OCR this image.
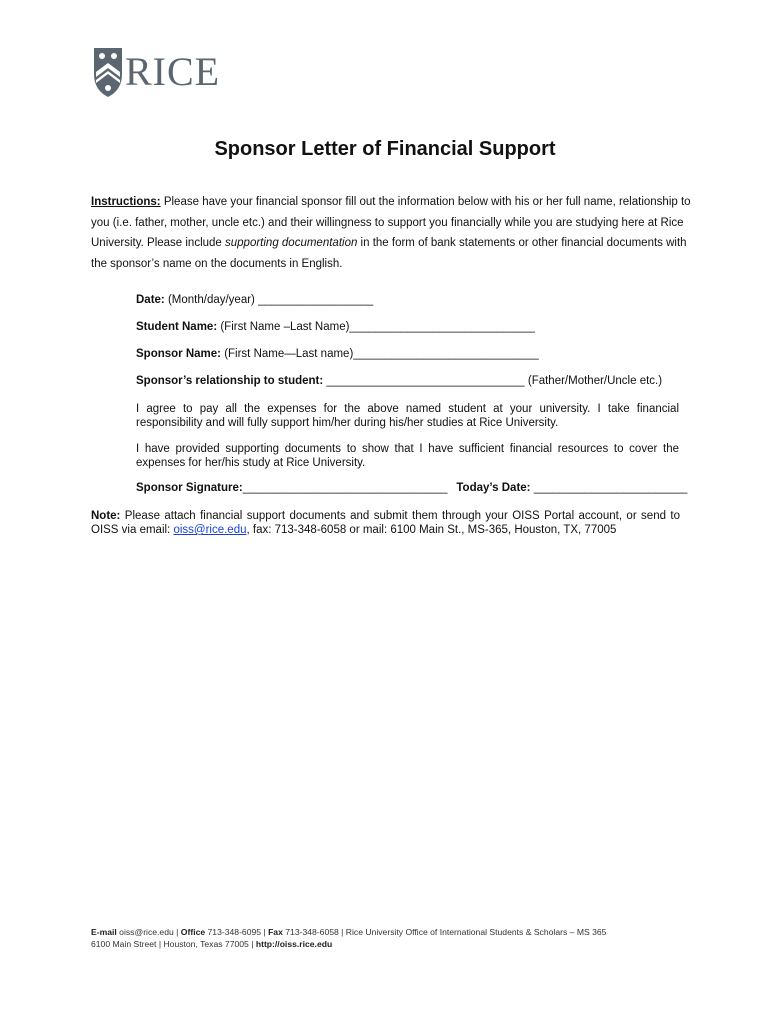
RICE
Sponsor Letter of Financial Support

Instructions: Please have your financial sponsor fill out the information below with his or her full name, relationship to you (i.e. father, mother, uncle etc.) and their willingness to support you financially while you are studying here at Rice University. Please include supporting documentation in the form of bank statements or other financial documents with the sponsor’s name on the documents in English.

Date: (Month/day/year) __________________
Student Name: (First Name –Last Name)_____________________________
Sponsor Name: (First Name—Last name)_____________________________
Sponsor’s relationship to student: _______________________________ (Father/Mother/Uncle etc.)

I agree to pay all the expenses for the above named student at your university. I take financial responsibility and will fully support him/her during his/her studies at Rice University.

I have provided supporting documents to show that I have sufficient financial resources to cover the expenses for her/his study at Rice University.

Sponsor Signature:________________________________ Today’s Date: ________________________

Note: Please attach financial support documents and submit them through your OISS Portal account, or send to OISS via email: oiss@rice.edu, fax: 713-348-6058 or mail: 6100 Main St., MS-365, Houston, TX, 77005

E-mail oiss@rice.edu | Office 713-348-6095 | Fax 713-348-6058 | Rice University Office of International Students & Scholars – MS 365
6100 Main Street | Houston, Texas 77005 | http://oiss.rice.edu
